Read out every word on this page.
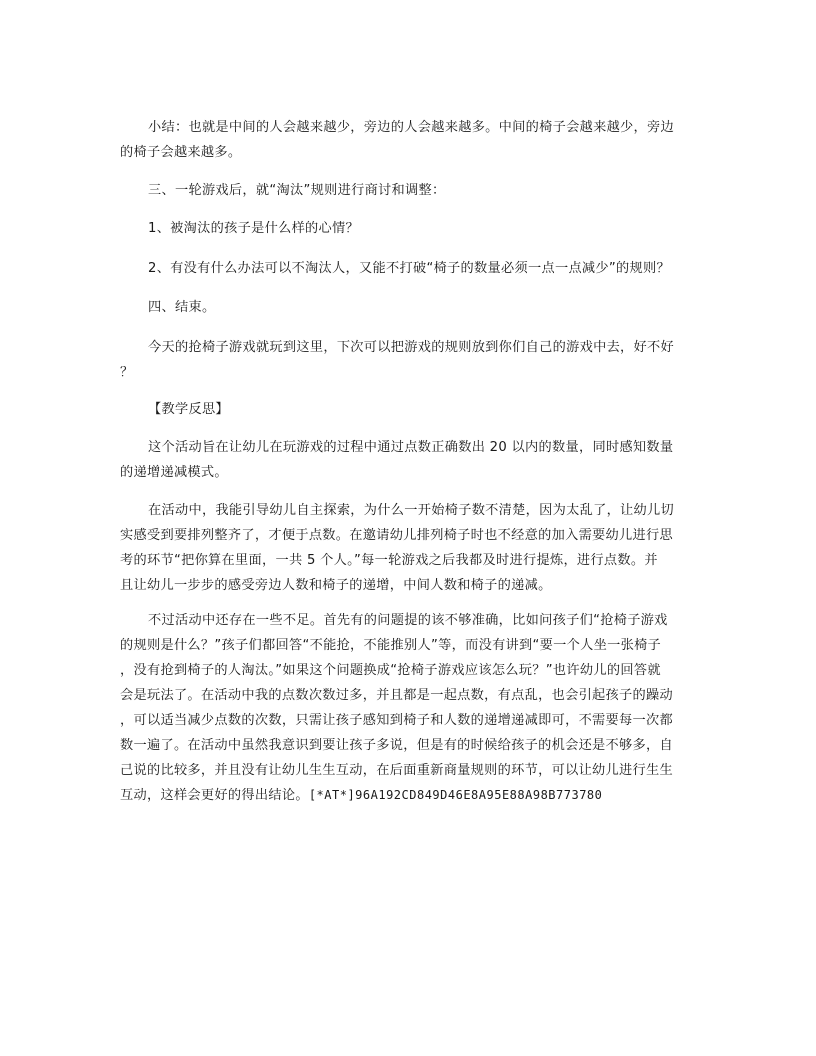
小结：也就是中间的人会越来越少，旁边的人会越来越多。中间的椅子会越来越少，旁边
的椅子会越来越多。

三、一轮游戏后，就“淘汰”规则进行商讨和调整：

1、被淘汰的孩子是什么样的心情？

2、有没有什么办法可以不淘汰人，又能不打破“椅子的数量必须一点一点减少”的规则？

四、结束。

今天的抢椅子游戏就玩到这里，下次可以把游戏的规则放到你们自己的游戏中去，好不好
？

【教学反思】

这个活动旨在让幼儿在玩游戏的过程中通过点数正确数出 20 以内的数量，同时感知数量
的递增递减模式。

在活动中，我能引导幼儿自主探索，为什么一开始椅子数不清楚，因为太乱了，让幼儿切
实感受到要排列整齐了，才便于点数。在邀请幼儿排列椅子时也不经意的加入需要幼儿进行思
考的环节“把你算在里面，一共 5 个人。”每一轮游戏之后我都及时进行提炼，进行点数。并
且让幼儿一步步的感受旁边人数和椅子的递增，中间人数和椅子的递减。

不过活动中还存在一些不足。首先有的问题提的该不够准确，比如问孩子们“抢椅子游戏
的规则是什么？”孩子们都回答“不能抢，不能推别人”等，而没有讲到“要一个人坐一张椅子
，没有抢到椅子的人淘汰。”如果这个问题换成“抢椅子游戏应该怎么玩？”也许幼儿的回答就
会是玩法了。在活动中我的点数次数过多，并且都是一起点数，有点乱，也会引起孩子的躁动
，可以适当减少点数的次数，只需让孩子感知到椅子和人数的递增递减即可，不需要每一次都
数一遍了。在活动中虽然我意识到要让孩子多说，但是有的时候给孩子的机会还是不够多，自
己说的比较多，并且没有让幼儿生生互动，在后面重新商量规则的环节，可以让幼儿进行生生
互动，这样会更好的得出结论。[*AT*]96A192CD849D46E8A95E88A98B773780
